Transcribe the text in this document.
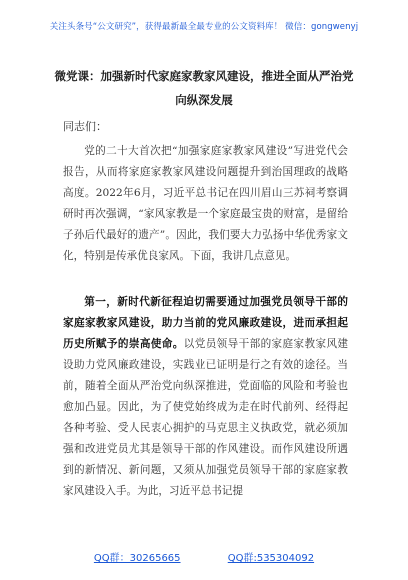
关注头条号“公文研究”，获得最新最全最专业的公文资料库！ 微信：gongwenyj
微党课：加强新时代家庭家教家风建设，推进全面从严治党向纵深发展
同志们：
党的二十大首次把“加强家庭家教家风建设”写进党代会报告，从而将家庭家教家风建设问题提升到治国理政的战略高度。2022年6月，习近平总书记在四川眉山三苏祠考察调研时再次强调，“家风家教是一个家庭最宝贵的财富，是留给子孙后代最好的遗产”。因此，我们要大力弘扬中华优秀家文化，特别是传承优良家风。下面，我讲几点意见。
第一，新时代新征程迫切需要通过加强党员领导干部的家庭家教家风建设，助力当前的党风廉政建设，进而承担起历史所赋予的崇高使命。以党员领导干部的家庭家教家风建设助力党风廉政建设，实践业已证明是行之有效的途径。当前，随着全面从严治党向纵深推进，党面临的风险和考验也愈加凸显。因此，为了使党始终成为走在时代前列、经得起各种考验、受人民衷心拥护的马克思主义执政党，就必须加强和改进党员尤其是领导干部的作风建设。而作风建设所遇到的新情况、新问题，又须从加强党员领导干部的家庭家教家风建设入手。为此，习近平总书记提
QQ群：30265665	QQ群:535304092
